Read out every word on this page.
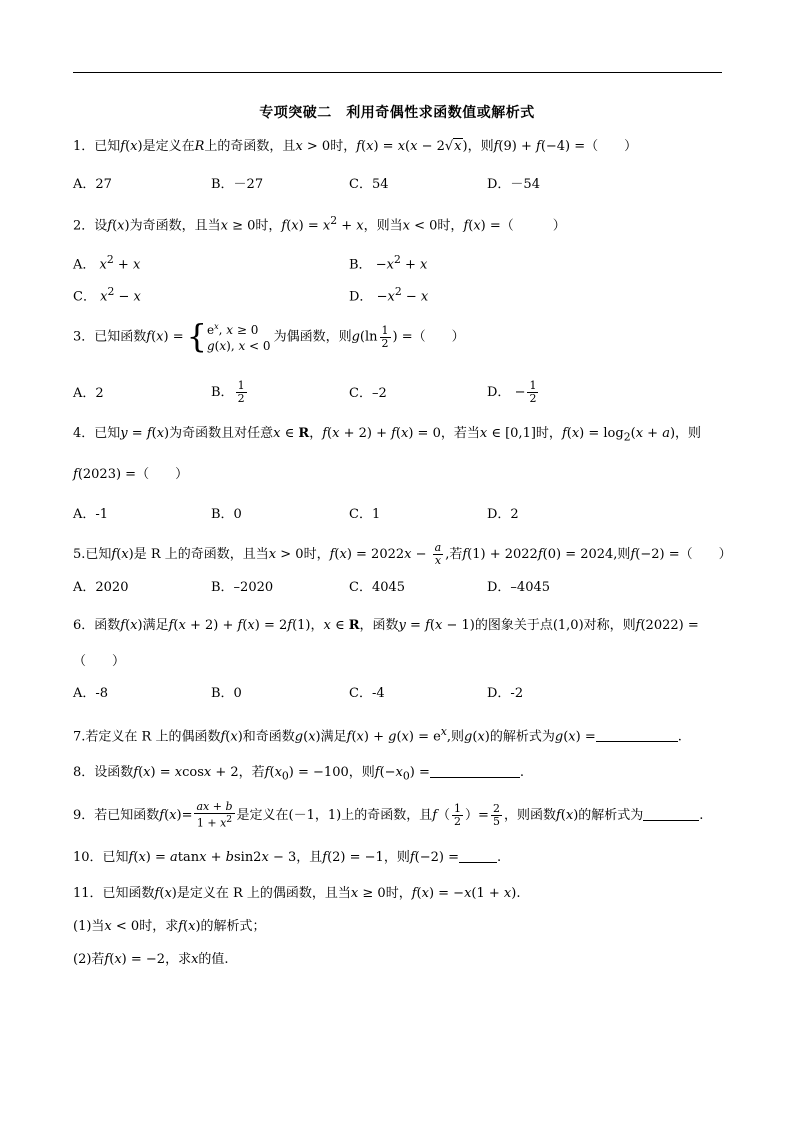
专项突破二　利用奇偶性求函数值或解析式
1．已知f(x)是定义在R上的奇函数，且x > 0时，f(x) = x(x − 2√x)，则f(9) + f(−4) =（　　）
A．27	B．－27	C．54	D．－54
2．设f(x)为奇函数，且当x ≥ 0时，$f(x) = x^2 + x$，则当x < 0时，f(x) =（　　　）
A． $x^2 + x$	B． $-x^2 + x$
C． $x^2 - x$	D． $-x^2 - x$
3．已知函数$f(x) =\{e^x$, x ≥ 0
g(x), x < 0为偶函数，则$g(\ln \frac{1}{2}$ ) =（　　）
A．2	B． $\frac{1}{2}$	C．–2	D． − $\frac{1}{2}$
4．已知y = f(x)为奇函数且对任意x ∈ R，f(x + 2) + f(x) = 0，若当x ∈ [0,1]时，$f(x) = \log_2(x + a)$，则
f(2023) =（　　）
A．-1	B．0	C．1	D．2
5.已知f(x)是 R 上的奇函数，且当x > 0时，$f(x) = 2022x - \frac{a}{x}$ ,若f(1) + 2022f(0) = 2024,则f(−2) =（　　）
A．2020	B．–2020	C．4045	D．–4045
6．函数f(x)满足f(x + 2) + f(x) = 2f(1)，x ∈ R，函数y = f(x − 1)的图象关于点(1,0)对称，则f(2022) =
（　　）
A．-8	B．0	C．-4	D．-2
7.若定义在 R 上的偶函数f(x)和奇函数g(x)满足$f(x) + g(x) = e^x$,则g(x)的解析式为g(x) =	.
8．设函数f(x) = xcosx + 2，若$f(x_0) = -100$，则$f(-x_0)$ =	.
9．若已知函数$f(x)= \frac{ax + b}{1 + x^2}$ 是定义在(－1，1)上的奇函数，且$f( \frac{1}{2}$ ）= $\frac{2}{5}$ ，则函数f(x)的解析式为	.
10．已知f(x) = atanx + bsin2x − 3，且f(2) = −1，则f(−2) =	.
11．已知函数f(x)是定义在 R 上的偶函数，且当x ≥ 0时，f(x) = −x(1 + x).
(1)当x < 0时，求f(x)的解析式；
(2)若f(x) = −2，求x的值.
